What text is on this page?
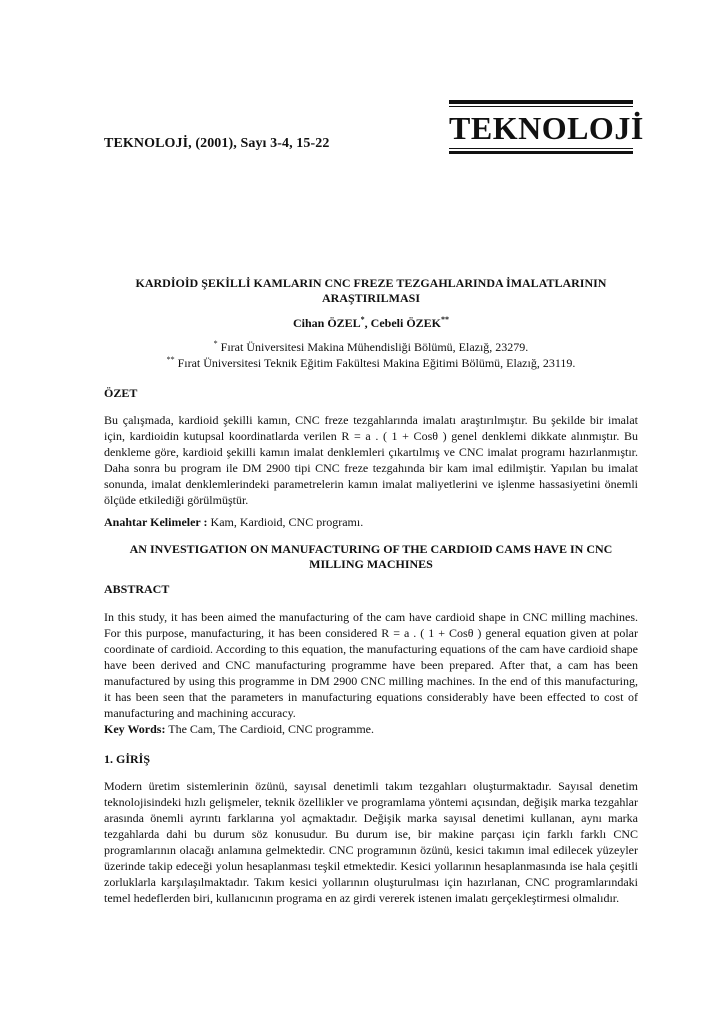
TEKNOLOJİ, (2001), Sayı 3-4, 15-22	TEKNOLOJİ
KARDİOİD ŞEKİLLİ KAMLARIN CNC FREZE TEZGAHLARINDA İMALATLARININ ARAŞTIRILMASI
Cihan ÖZEL*, Cebeli ÖZEK**
* Fırat Üniversitesi Makina Mühendisliği Bölümü, Elazığ, 23279.
** Fırat Üniversitesi Teknik Eğitim Fakültesi Makina Eğitimi Bölümü, Elazığ, 23119.
ÖZET
Bu çalışmada, kardioid şekilli kamın, CNC freze tezgahlarında imalatı araştırılmıştır. Bu şekilde bir imalat için, kardioidin kutupsal koordinatlarda verilen R = a . ( 1 + Cosθ ) genel denklemi dikkate alınmıştır. Bu denkleme göre, kardioid şekilli kamın imalat denklemleri çıkartılmış ve CNC imalat programı hazırlanmıştır. Daha sonra bu program ile DM 2900 tipi CNC freze tezgahında bir kam imal edilmiştir. Yapılan bu imalat sonunda, imalat denklemlerindeki parametrelerin kamın imalat maliyetlerini ve işlenme hassasiyetini önemli ölçüde etkilediği görülmüştür.
Anahtar Kelimeler : Kam, Kardioid, CNC programı.
AN INVESTIGATION ON MANUFACTURING OF THE CARDIOID CAMS HAVE IN CNC MILLING MACHINES
ABSTRACT
In this study, it has been aimed the manufacturing of the cam have cardioid shape in CNC milling machines. For this purpose, manufacturing, it has been considered R = a . ( 1 + Cosθ ) general equation given at polar coordinate of cardioid. According to this equation, the manufacturing equations of the cam have cardioid shape have been derived and CNC manufacturing programme have been prepared. After that, a cam has been manufactured by using this programme in DM 2900 CNC milling machines. In the end of this manufacturing, it has been seen that the parameters in manufacturing equations considerably have been effected to cost of manufacturing and machining accuracy.
Key Words: The Cam, The Cardioid, CNC programme.
1. GİRİŞ
Modern üretim sistemlerinin özünü, sayısal denetimli takım tezgahları oluşturmaktadır. Sayısal denetim teknolojisindeki hızlı gelişmeler, teknik özellikler ve programlama yöntemi açısından, değişik marka tezgahlar arasında önemli ayrıntı farklarına yol açmaktadır. Değişik marka sayısal denetimi kullanan, aynı marka tezgahlarda dahi bu durum söz konusudur. Bu durum ise, bir makine parçası için farklı farklı CNC programlarının olacağı anlamına gelmektedir. CNC programının özünü, kesici takımın imal edilecek yüzeyler üzerinde takip edeceği yolun hesaplanması teşkil etmektedir. Kesici yollarının hesaplanmasında ise hala çeşitli zorluklarla karşılaşılmaktadır. Takım kesici yollarının oluşturulması için hazırlanan, CNC programlarındaki temel hedeflerden biri, kullanıcının programa en az girdi vererek istenen imalatı gerçekleştirmesi olmalıdır.
